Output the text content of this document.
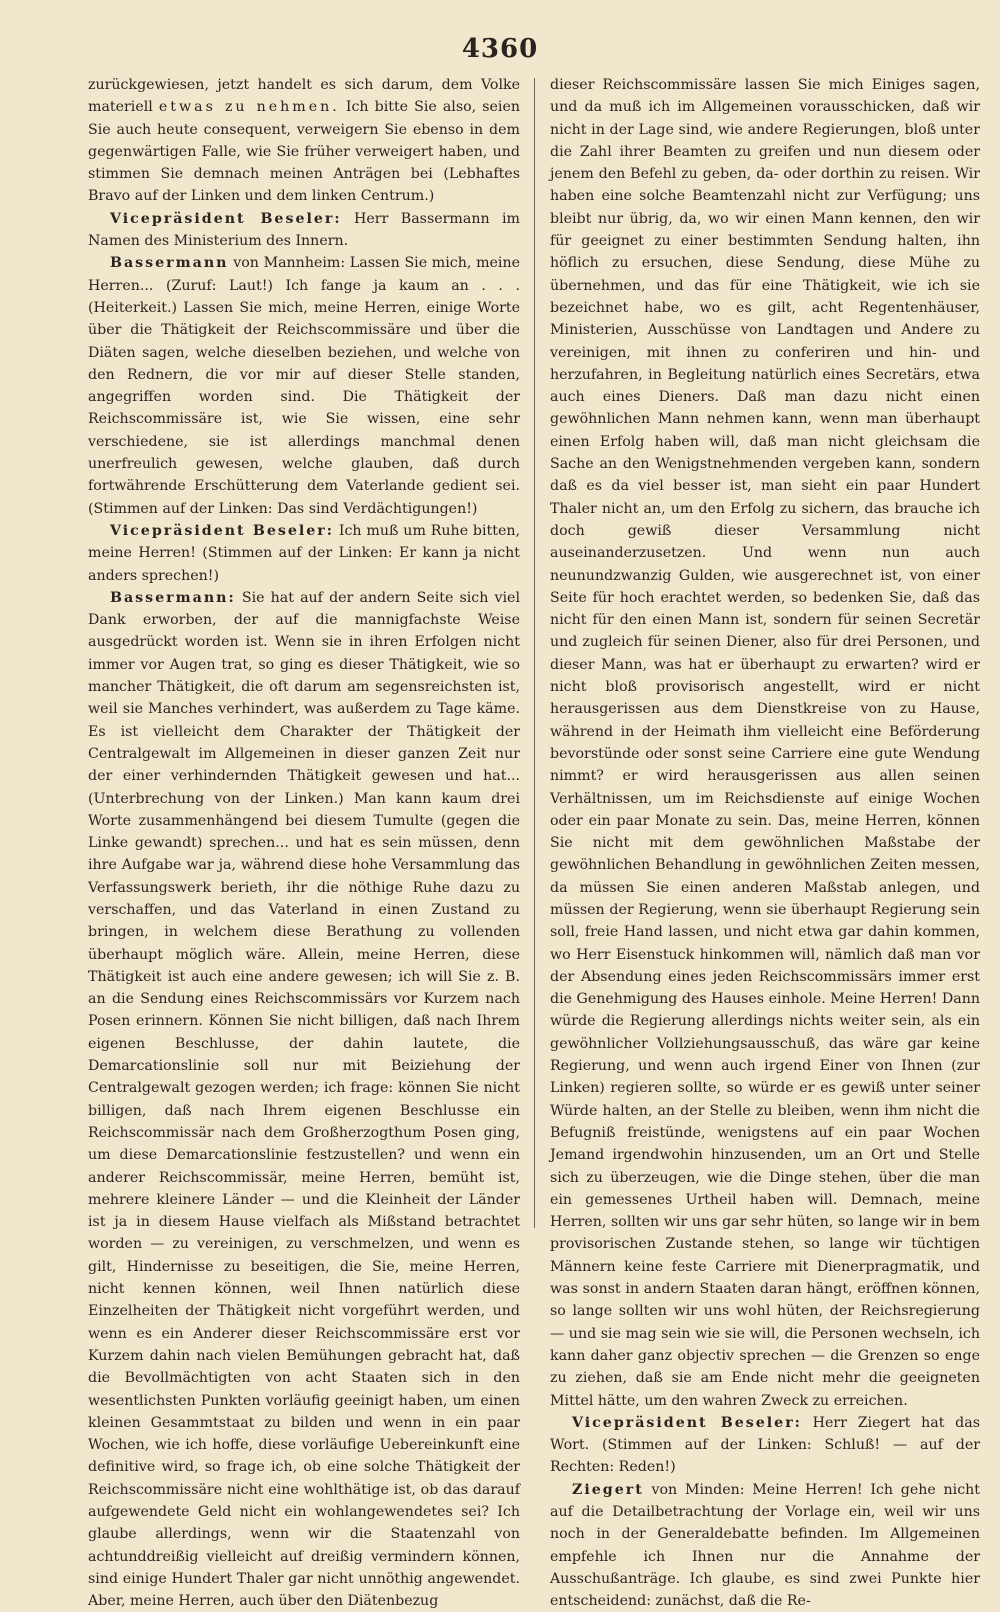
4360

zurückgewiesen, jetzt handelt es sich darum, dem Volke materiell etwas zu nehmen. Ich bitte Sie also, seien Sie auch heute consequent, verweigern Sie ebenso in dem gegenwärtigen Falle, wie Sie früher verweigert haben, und stimmen Sie demnach meinen Anträgen bei (Lebhaftes Bravo auf der Linken und dem linken Centrum.)

Vicepräsident Beseler: Herr Bassermann im Namen des Ministerium des Innern.

Bassermann von Mannheim: Lassen Sie mich, meine Herren... (Zuruf: Laut!) Ich fange ja kaum an . . . (Heiterkeit.) Lassen Sie mich, meine Herren, einige Worte über die Thätigkeit der Reichscommissäre und über die Diäten sagen, welche dieselben beziehen, und welche von den Rednern, die vor mir auf dieser Stelle standen, angegriffen worden sind. Die Thätigkeit der Reichscommissäre ist, wie Sie wissen, eine sehr verschiedene, sie ist allerdings manchmal denen unerfreulich gewesen, welche glauben, daß durch fortwährende Erschütterung dem Vaterlande gedient sei. (Stimmen auf der Linken: Das sind Verdächtigungen!)

Vicepräsident Beseler: Ich muß um Ruhe bitten, meine Herren! (Stimmen auf der Linken: Er kann ja nicht anders sprechen!)

Bassermann: Sie hat auf der andern Seite sich viel Dank erworben, der auf die mannigfachste Weise ausgedrückt worden ist. Wenn sie in ihren Erfolgen nicht immer vor Augen trat, so ging es dieser Thätigkeit, wie so mancher Thätigkeit, die oft darum am segensreichsten ist, weil sie Manches verhindert, was außerdem zu Tage käme. Es ist vielleicht dem Charakter der Thätigkeit der Centralgewalt im Allgemeinen in dieser ganzen Zeit nur der einer verhindernden Thätigkeit gewesen und hat... (Unterbrechung von der Linken.) Man kann kaum drei Worte zusammenhängend bei diesem Tumulte (gegen die Linke gewandt) sprechen... und hat es sein müssen, denn ihre Aufgabe war ja, während diese hohe Versammlung das Verfassungswerk berieth, ihr die nöthige Ruhe dazu zu verschaffen, und das Vaterland in einen Zustand zu bringen, in welchem diese Berathung zu vollenden überhaupt möglich wäre. Allein, meine Herren, diese Thätigkeit ist auch eine andere gewesen; ich will Sie z. B. an die Sendung eines Reichscommissärs vor Kurzem nach Posen erinnern. Können Sie nicht billigen, daß nach Ihrem eigenen Beschlusse, der dahin lautete, die Demarcationslinie soll nur mit Beiziehung der Centralgewalt gezogen werden; ich frage: können Sie nicht billigen, daß nach Ihrem eigenen Beschlusse ein Reichscommissär nach dem Großherzogthum Posen ging, um diese Demarcationslinie festzustellen? und wenn ein anderer Reichscommissär, meine Herren, bemüht ist, mehrere kleinere Länder — und die Kleinheit der Länder ist ja in diesem Hause vielfach als Mißstand betrachtet worden — zu vereinigen, zu verschmelzen, und wenn es gilt, Hindernisse zu beseitigen, die Sie, meine Herren, nicht kennen können, weil Ihnen natürlich diese Einzelheiten der Thätigkeit nicht vorgeführt werden, und wenn es ein Anderer dieser Reichscommissäre erst vor Kurzem dahin nach vielen Bemühungen gebracht hat, daß die Bevollmächtigten von acht Staaten sich in den wesentlichsten Punkten vorläufig geeinigt haben, um einen kleinen Gesammtstaat zu bilden und wenn in ein paar Wochen, wie ich hoffe, diese vorläufige Uebereinkunft eine definitive wird, so frage ich, ob eine solche Thätigkeit der Reichscommissäre nicht eine wohlthätige ist, ob das darauf aufgewendete Geld nicht ein wohlangewendetes sei? Ich glaube allerdings, wenn wir die Staatenzahl von achtunddreißig vielleicht auf dreißig vermindern können, sind einige Hundert Thaler gar nicht unnöthig angewendet. Aber, meine Herren, auch über den Diätenbezug

dieser Reichscommissäre lassen Sie mich Einiges sagen, und da muß ich im Allgemeinen vorausschicken, daß wir nicht in der Lage sind, wie andere Regierungen, bloß unter die Zahl ihrer Beamten zu greifen und nun diesem oder jenem den Befehl zu geben, da- oder dorthin zu reisen. Wir haben eine solche Beamtenzahl nicht zur Verfügung; uns bleibt nur übrig, da, wo wir einen Mann kennen, den wir für geeignet zu einer bestimmten Sendung halten, ihn höflich zu ersuchen, diese Sendung, diese Mühe zu übernehmen, und das für eine Thätigkeit, wie ich sie bezeichnet habe, wo es gilt, acht Regentenhäuser, Ministerien, Ausschüsse von Landtagen und Andere zu vereinigen, mit ihnen zu conferiren und hin- und herzufahren, in Begleitung natürlich eines Secretärs, etwa auch eines Dieners. Daß man dazu nicht einen gewöhnlichen Mann nehmen kann, wenn man überhaupt einen Erfolg haben will, daß man nicht gleichsam die Sache an den Wenigstnehmenden vergeben kann, sondern daß es da viel besser ist, man sieht ein paar Hundert Thaler nicht an, um den Erfolg zu sichern, das brauche ich doch gewiß dieser Versammlung nicht auseinanderzusetzen. Und wenn nun auch neunundzwanzig Gulden, wie ausgerechnet ist, von einer Seite für hoch erachtet werden, so bedenken Sie, daß das nicht für den einen Mann ist, sondern für seinen Secretär und zugleich für seinen Diener, also für drei Personen, und dieser Mann, was hat er überhaupt zu erwarten? wird er nicht bloß provisorisch angestellt, wird er nicht herausgerissen aus dem Dienstkreise von zu Hause, während in der Heimath ihm vielleicht eine Beförderung bevorstünde oder sonst seine Carriere eine gute Wendung nimmt? er wird herausgerissen aus allen seinen Verhältnissen, um im Reichsdienste auf einige Wochen oder ein paar Monate zu sein. Das, meine Herren, können Sie nicht mit dem gewöhnlichen Maßstabe der gewöhnlichen Behandlung in gewöhnlichen Zeiten messen, da müssen Sie einen anderen Maßstab anlegen, und müssen der Regierung, wenn sie überhaupt Regierung sein soll, freie Hand lassen, und nicht etwa gar dahin kommen, wo Herr Eisenstuck hinkommen will, nämlich daß man vor der Absendung eines jeden Reichscommissärs immer erst die Genehmigung des Hauses einhole. Meine Herren! Dann würde die Regierung allerdings nichts weiter sein, als ein gewöhnlicher Vollziehungsausschuß, das wäre gar keine Regierung, und wenn auch irgend Einer von Ihnen (zur Linken) regieren sollte, so würde er es gewiß unter seiner Würde halten, an der Stelle zu bleiben, wenn ihm nicht die Befugniß freistünde, wenigstens auf ein paar Wochen Jemand irgendwohin hinzusenden, um an Ort und Stelle sich zu überzeugen, wie die Dinge stehen, über die man ein gemessenes Urtheil haben will. Demnach, meine Herren, sollten wir uns gar sehr hüten, so lange wir in bem provisorischen Zustande stehen, so lange wir tüchtigen Männern keine feste Carriere mit Dienerpragmatik, und was sonst in andern Staaten daran hängt, eröffnen können, so lange sollten wir uns wohl hüten, der Reichsregierung — und sie mag sein wie sie will, die Personen wechseln, ich kann daher ganz objectiv sprechen — die Grenzen so enge zu ziehen, daß sie am Ende nicht mehr die geeigneten Mittel hätte, um den wahren Zweck zu erreichen.

Vicepräsident Beseler: Herr Ziegert hat das Wort. (Stimmen auf der Linken: Schluß! — auf der Rechten: Reden!)

Ziegert von Minden: Meine Herren! Ich gehe nicht auf die Detailbetrachtung der Vorlage ein, weil wir uns noch in der Generaldebatte befinden. Im Allgemeinen empfehle ich Ihnen nur die Annahme der Ausschußanträge. Ich glaube, es sind zwei Punkte hier entscheidend: zunächst, daß die Re-
